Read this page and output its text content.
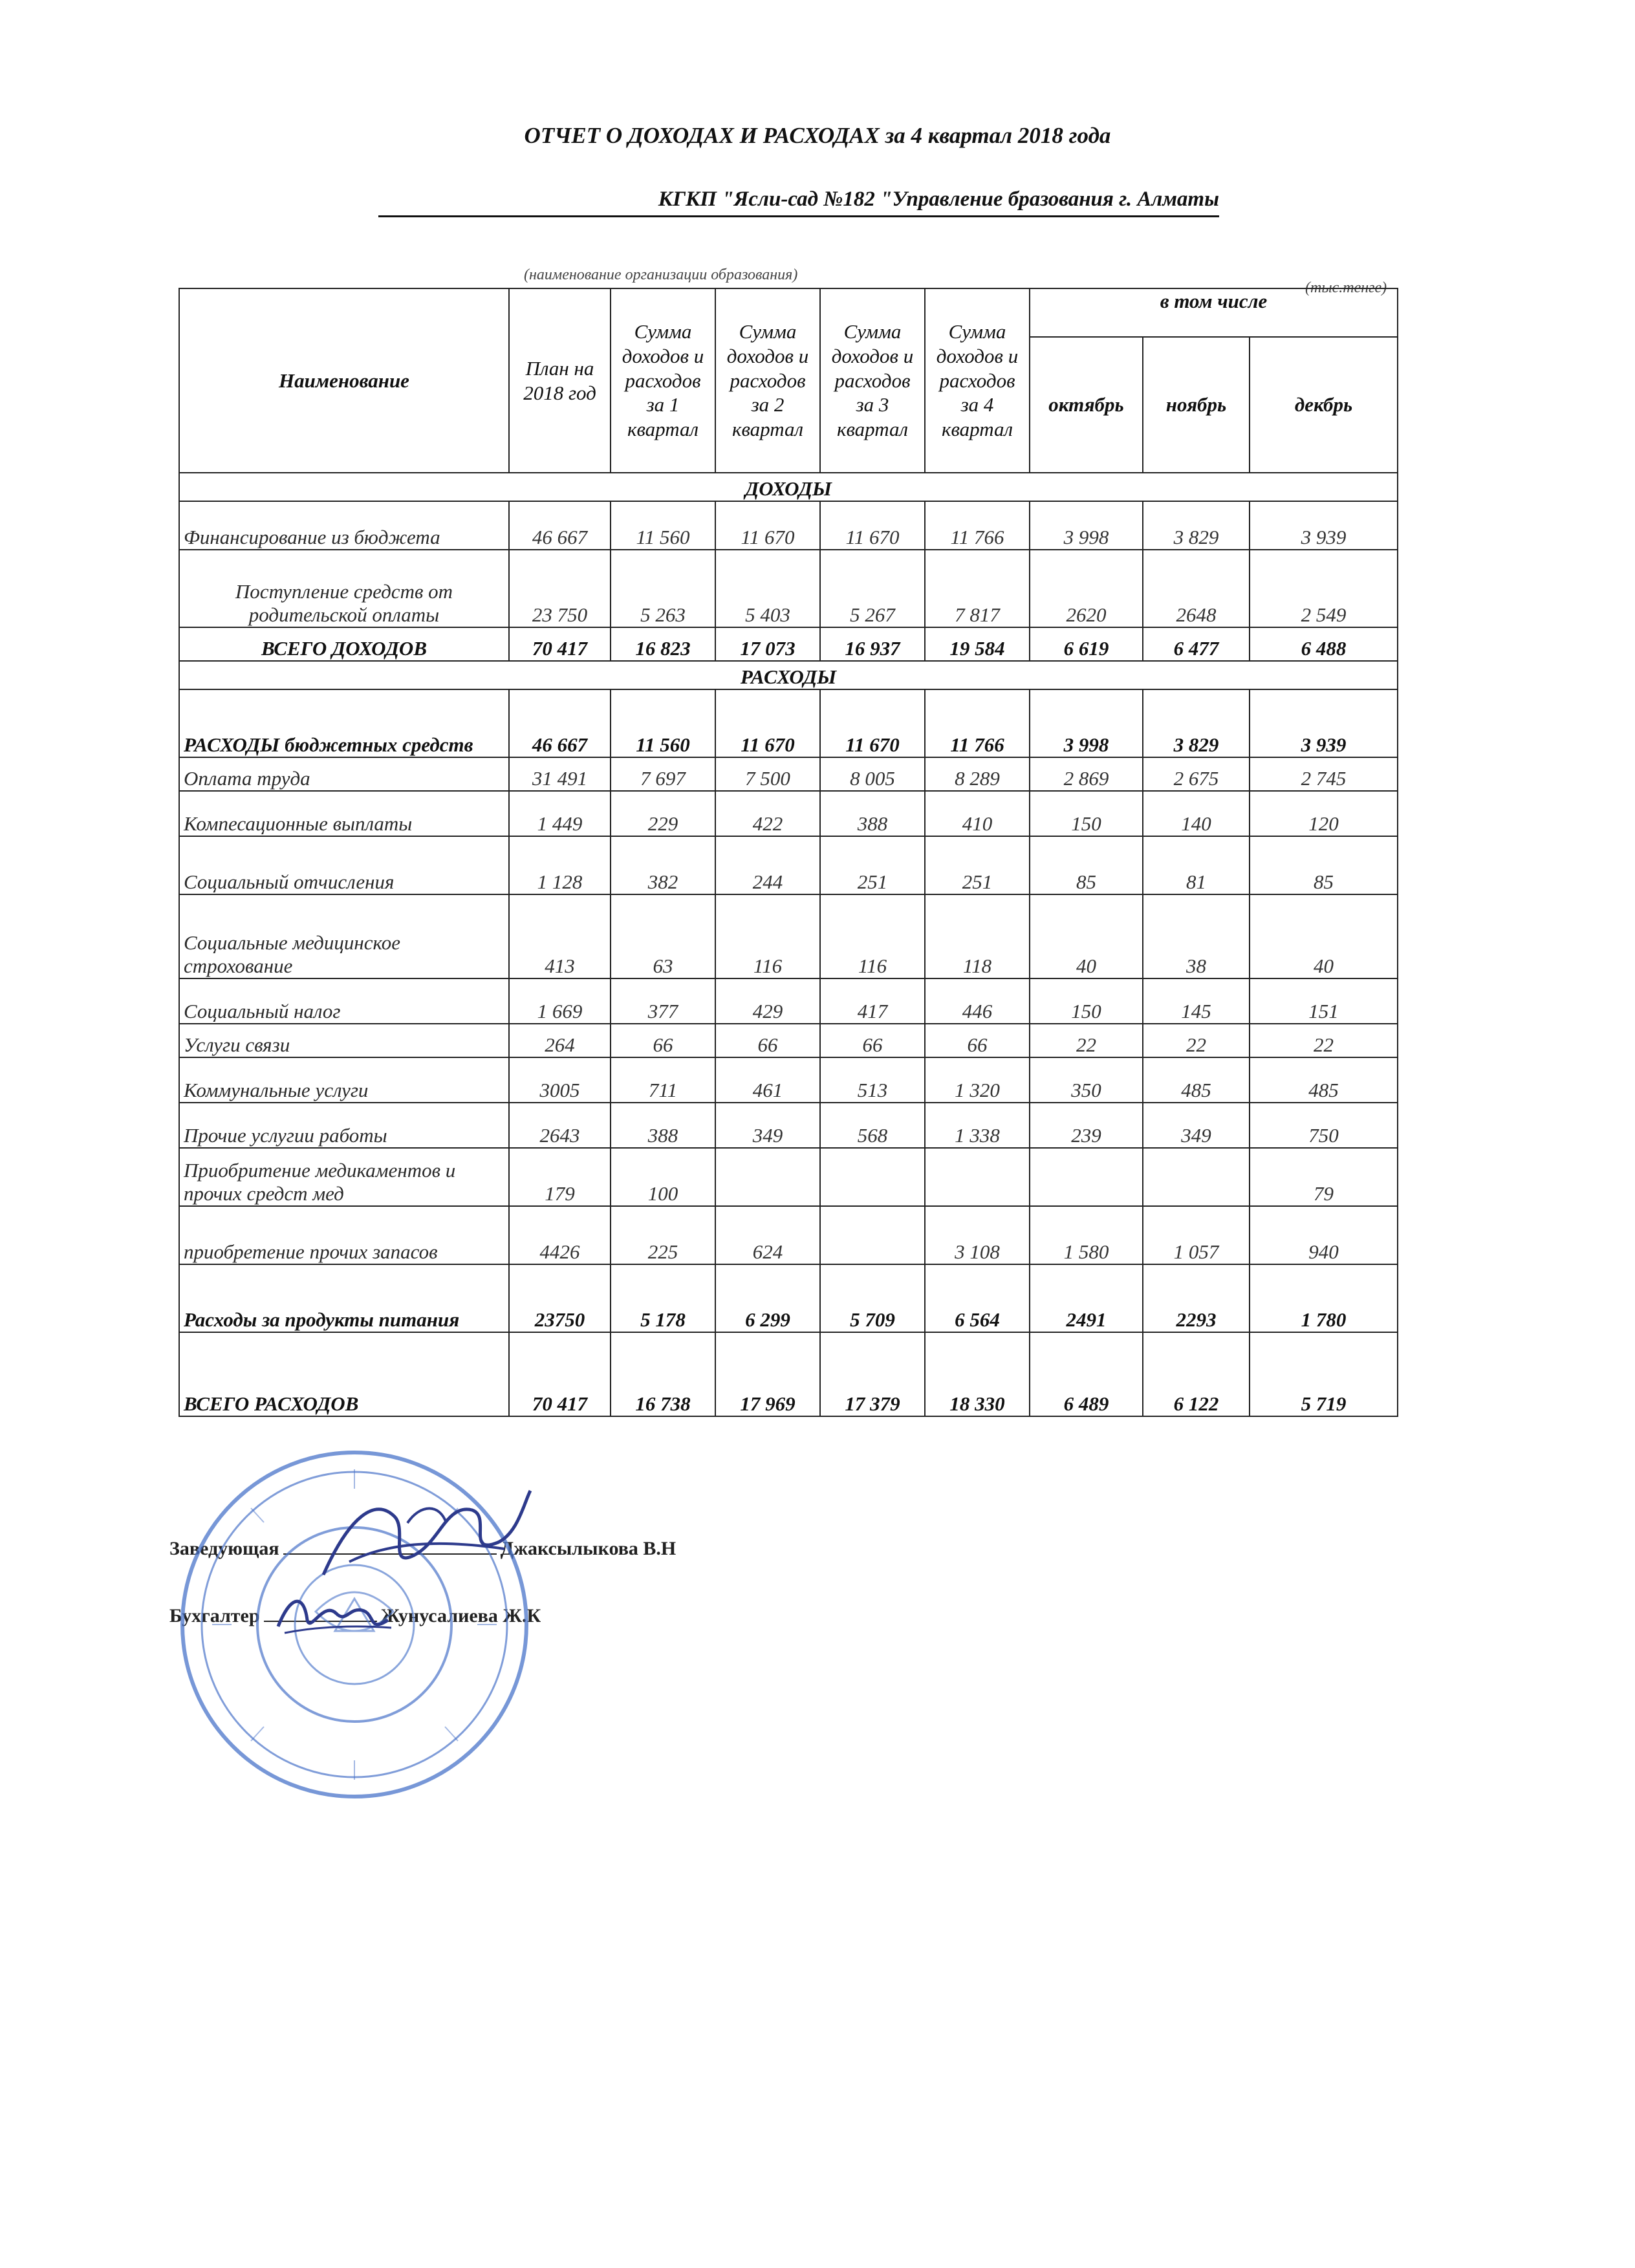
ОТЧЕТ О ДОХОДАХ И РАСХОДАХ за 4 квартал 2018 года
КГКП "Ясли-сад №182 "Управление бразования г. Алматы
(наименование организации образования)
(тыс.тенге)
Наименование	План на 2018 год	Сумма доходов и расходов за 1 квартал	Сумма доходов и расходов за 2 квартал	Сумма доходов и расходов за 3 квартал	Сумма доходов и расходов за 4 квартал	в том числе		
						октябрь	ноябрь	декбрь
ДОХОДЫ								
Финансирование из бюджета	46 667	11 560	11 670	11 670	11 766	3 998	3 829	3 939
Поступление средств от родительской оплаты	23 750	5 263	5 403	5 267	7 817	2620	2648	2 549
ВСЕГО ДОХОДОВ	70 417	16 823	17 073	16 937	19 584	6 619	6 477	6 488
РАСХОДЫ								
РАСХОДЫ бюджетных средств	46 667	11 560	11 670	11 670	11 766	3 998	3 829	3 939
Оплата труда	31 491	7 697	7 500	8 005	8 289	2 869	2 675	2 745
Компесационные выплаты	1 449	229	422	388	410	150	140	120
Социальный отчисления	1 128	382	244	251	251	85	81	85
Социальные медицинское строхование	413	63	116	116	118	40	38	40
Социальный налог	1 669	377	429	417	446	150	145	151
Услуги связи	264	66	66	66	66	22	22	22
Коммунальные услуги	3005	711	461	513	1 320	350	485	485
Прочие услугии работы	2643	388	349	568	1 338	239	349	750
Приобритение медикаментов и прочих средст мед	179	100						79
приобретение прочих запасов	4426	225	624		3 108	1 580	1 057	940
Расходы за продукты питания	23750	5 178	6 299	5 709	6 564	2491	2293	1 780
ВСЕГО РАСХОДОВ	70 417	16 738	17 969	17 379	18 330	6 489	6 122	5 719
Заведующая	Джаксылыкова В.Н
Бухгалтер	Жунусалиева Ж.К
